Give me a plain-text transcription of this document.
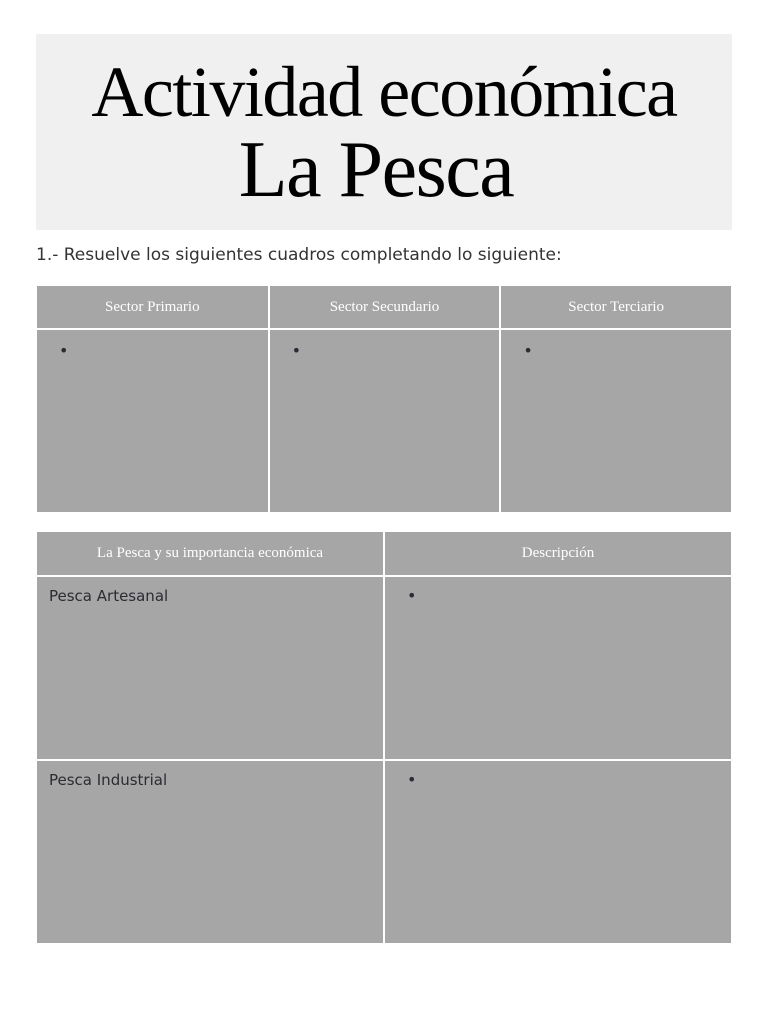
Actividad económica
La Pesca
1.- Resuelve los siguientes cuadros completando lo siguiente:
Sector Primario	Sector Secundario	Sector Terciario

•	•	•
La Pesca y su importancia económica	Descripción

Pesca Artesanal	•

Pesca Industrial	•
